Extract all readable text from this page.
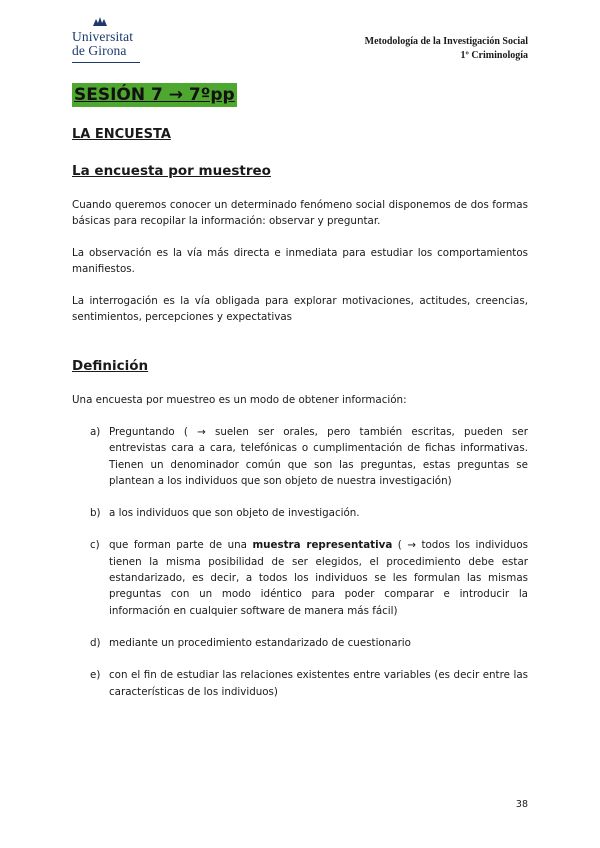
Universitat
de Girona
Metodología de la Investigación Social
1º Criminología
SESIÓN 7 → 7ºpp
LA ENCUESTA
La encuesta por muestreo
Cuando queremos conocer un determinado fenómeno social disponemos de dos formas básicas para recopilar la información: observar y preguntar.
La observación es la vía más directa e inmediata para estudiar los comportamientos manifiestos.
La interrogación es la vía obligada para explorar motivaciones, actitudes, creencias, sentimientos, percepciones y expectativas
Definición
Una encuesta por muestreo es un modo de obtener información:
a) Preguntando ( → suelen ser orales, pero también escritas, pueden ser entrevistas cara a cara, telefónicas o cumplimentación de fichas informativas. Tienen un denominador común que son las preguntas, estas preguntas se plantean a los individuos que son objeto de nuestra investigación)
b) a los individuos que son objeto de investigación.
c) que forman parte de una muestra representativa ( → todos los individuos tienen la misma posibilidad de ser elegidos, el procedimiento debe estar estandarizado, es decir, a todos los individuos se les formulan las mismas preguntas con un modo idéntico para poder comparar e introducir la información en cualquier software de manera más fácil)
d) mediante un procedimiento estandarizado de cuestionario
e) con el fin de estudiar las relaciones existentes entre variables (es decir entre las características de los individuos)
38
